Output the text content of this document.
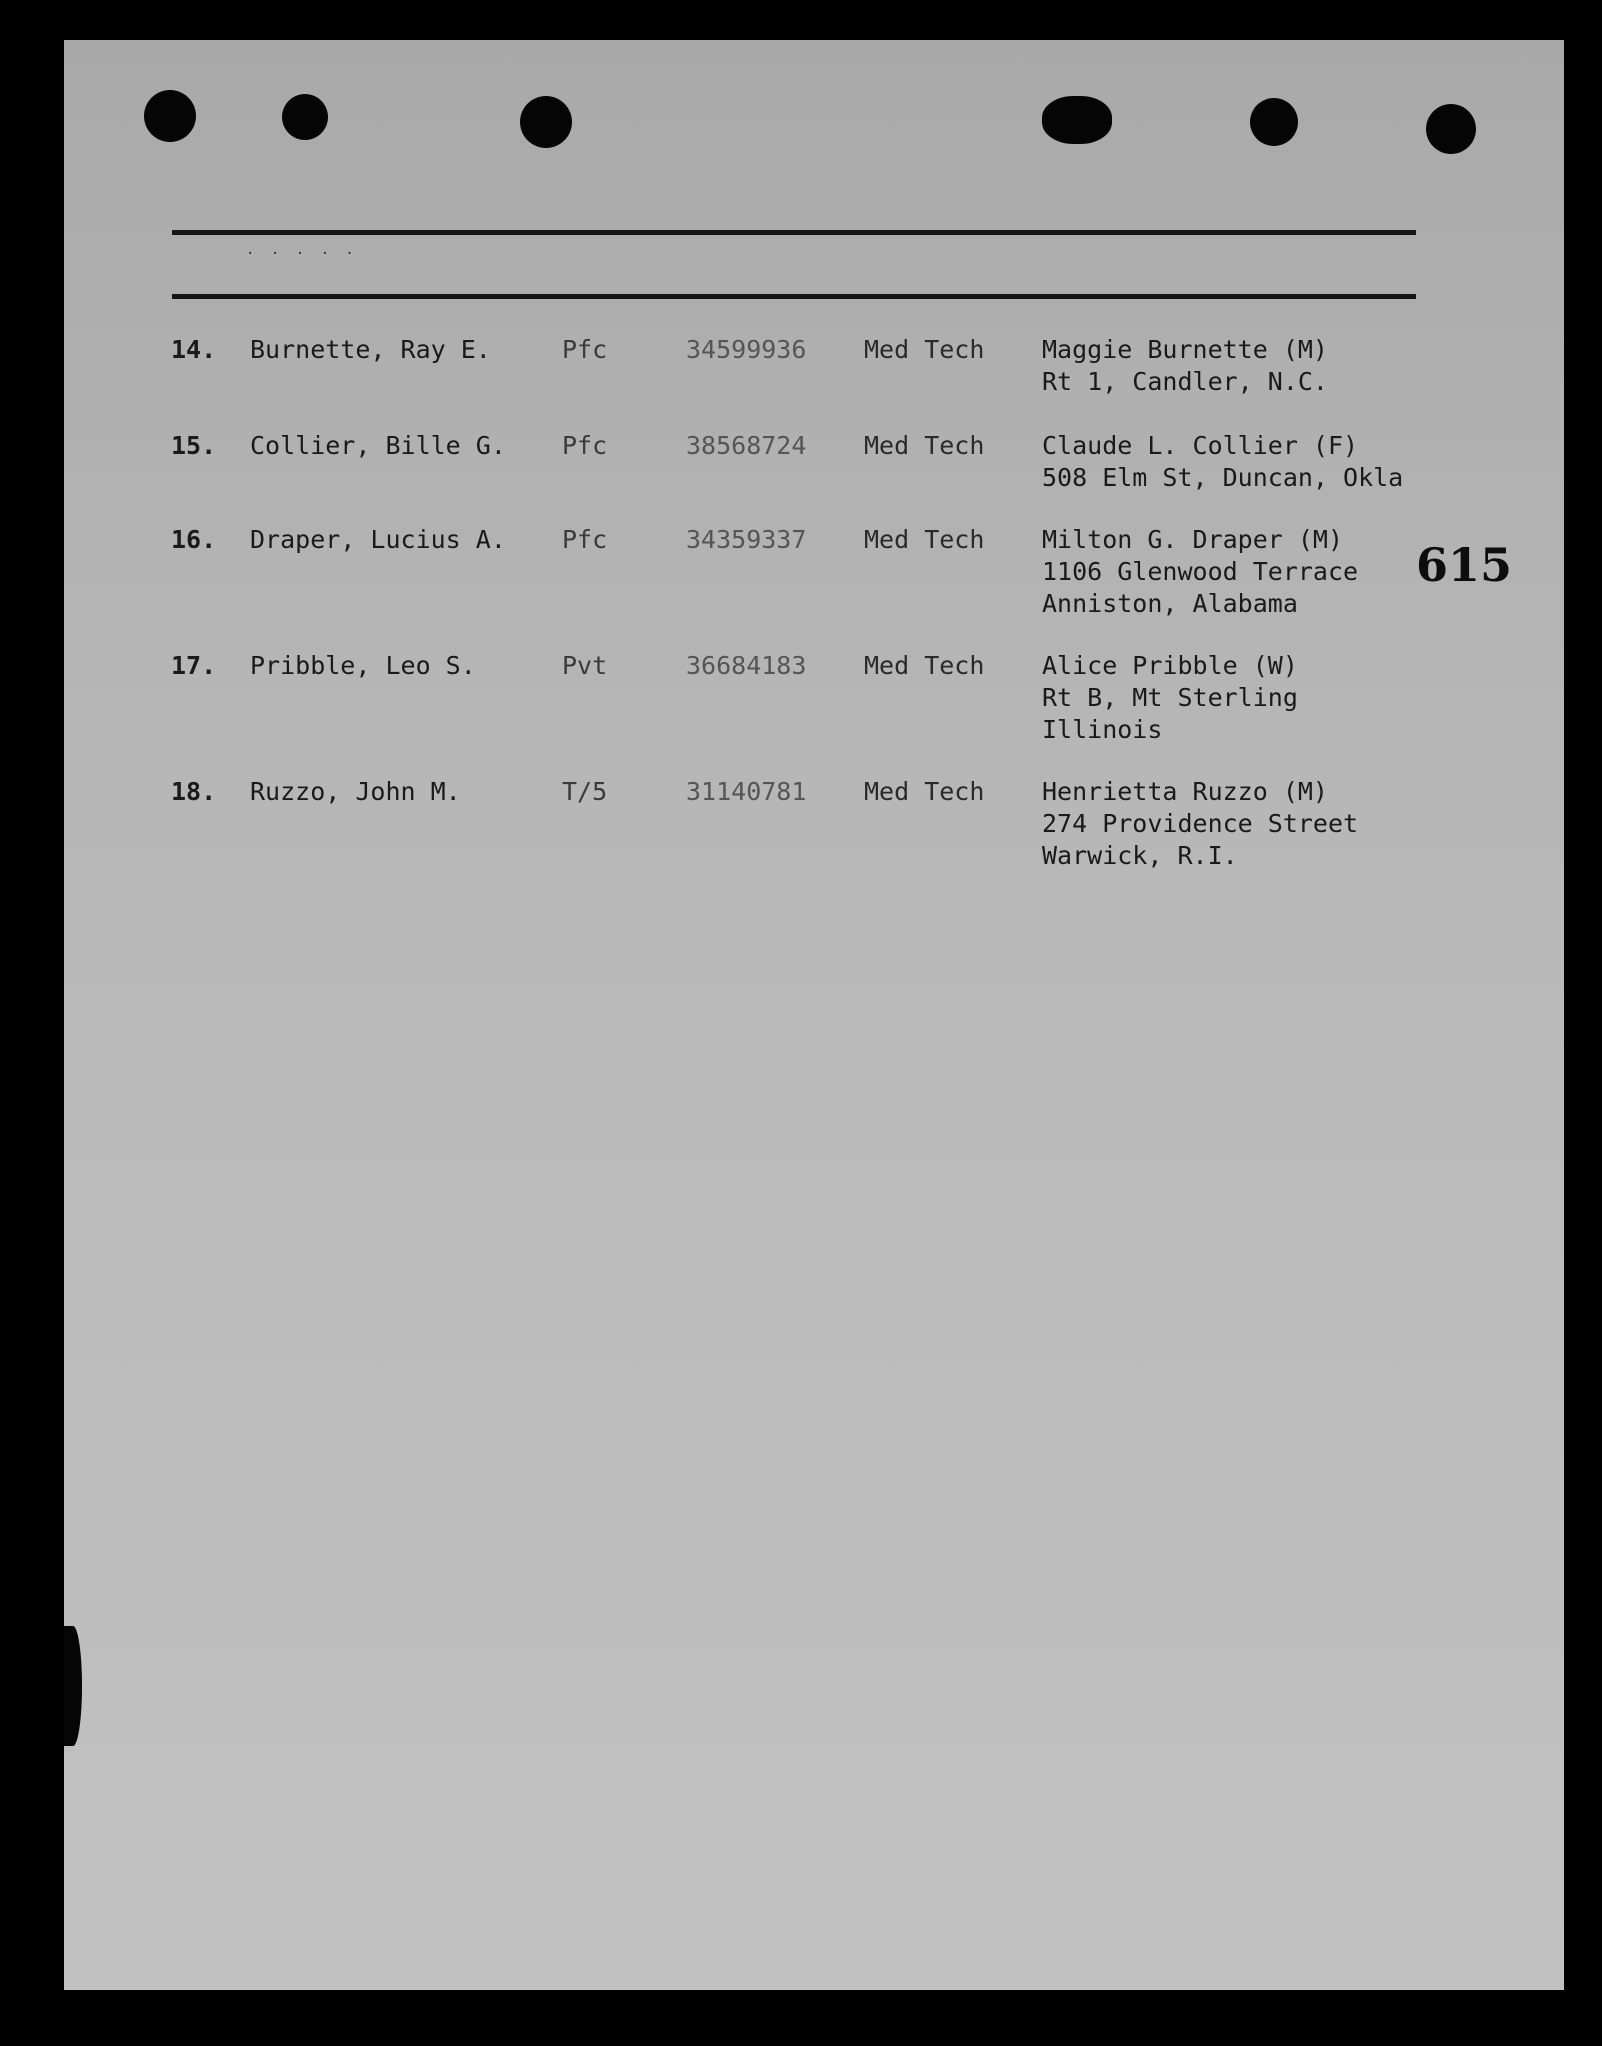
· · · · ·
615
14. Burnette, Ray E.	Pfc	34599936 Med Tech Maggie Burnette (M)
Rt 1, Candler, N.C.
15. Collier, Bille G. Pfc	38568724 Med Tech Claude L. Collier (F)
508 Elm St, Duncan, Okla
16. Draper, Lucius A. Pfc	34359337 Med Tech Milton G. Draper (M)
1106 Glenwood Terrace
Anniston, Alabama
17. Pribble, Leo S.	Pvt	36684183 Med Tech Alice Pribble (W)
Rt B, Mt Sterling
Illinois
18. Ruzzo, John M.	T/5	31140781 Med Tech Henrietta Ruzzo (M)
274 Providence Street
Warwick, R.I.
